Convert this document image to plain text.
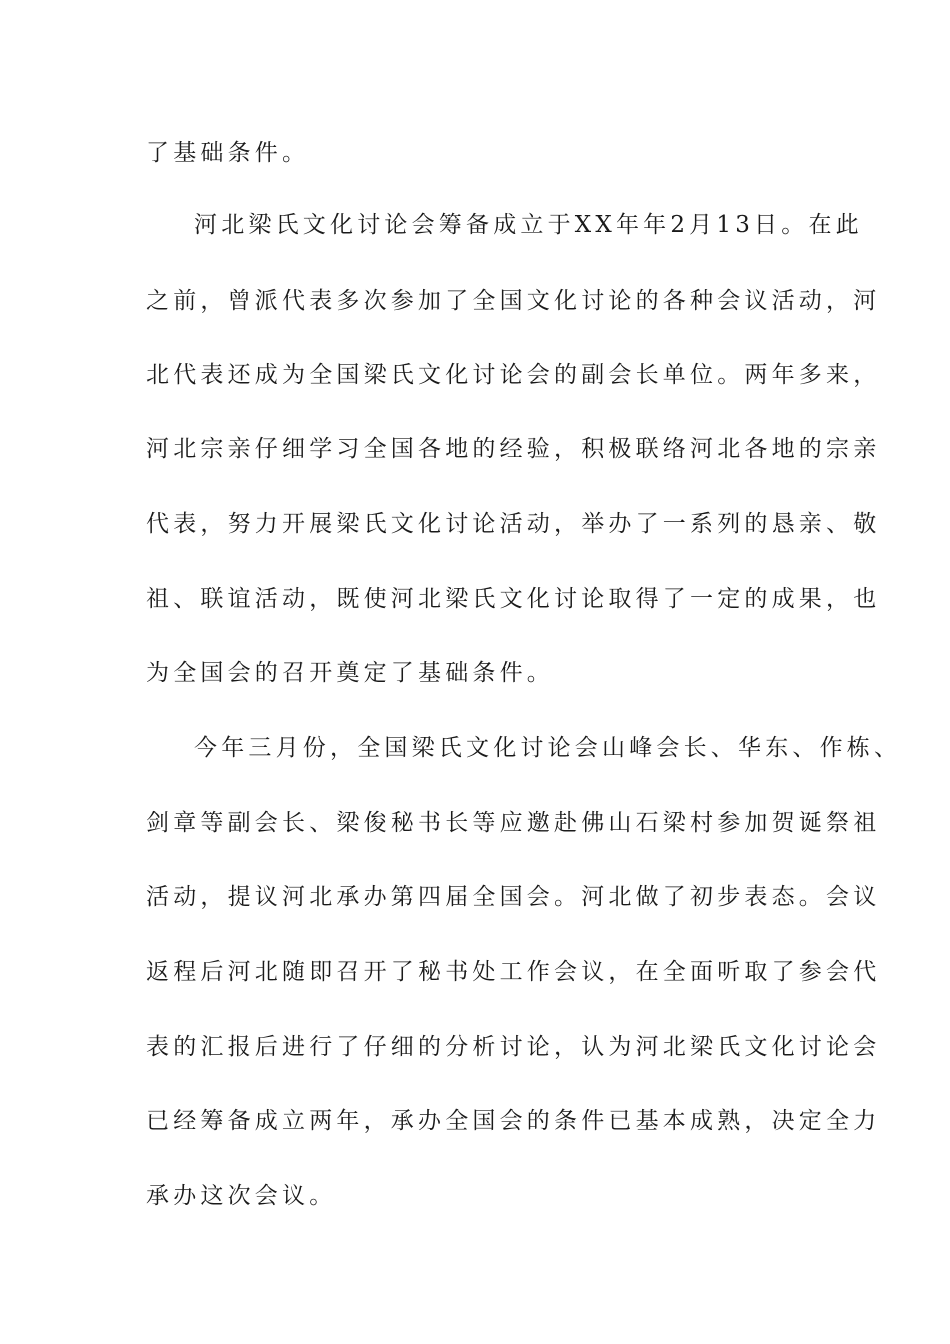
了基础条件。
河北梁氏文化讨论会筹备成立于XX年年2月13日。在此
之前，曾派代表多次参加了全国文化讨论的各种会议活动，河
北代表还成为全国梁氏文化讨论会的副会长单位。两年多来，
河北宗亲仔细学习全国各地的经验，积极联络河北各地的宗亲
代表，努力开展梁氏文化讨论活动，举办了一系列的恳亲、敬
祖、联谊活动，既使河北梁氏文化讨论取得了一定的成果，也
为全国会的召开奠定了基础条件。
今年三月份，全国梁氏文化讨论会山峰会长、华东、作栋、
剑章等副会长、梁俊秘书长等应邀赴佛山石梁村参加贺诞祭祖
活动，提议河北承办第四届全国会。河北做了初步表态。会议
返程后河北随即召开了秘书处工作会议，在全面听取了参会代
表的汇报后进行了仔细的分析讨论，认为河北梁氏文化讨论会
已经筹备成立两年，承办全国会的条件已基本成熟，决定全力
承办这次会议。
